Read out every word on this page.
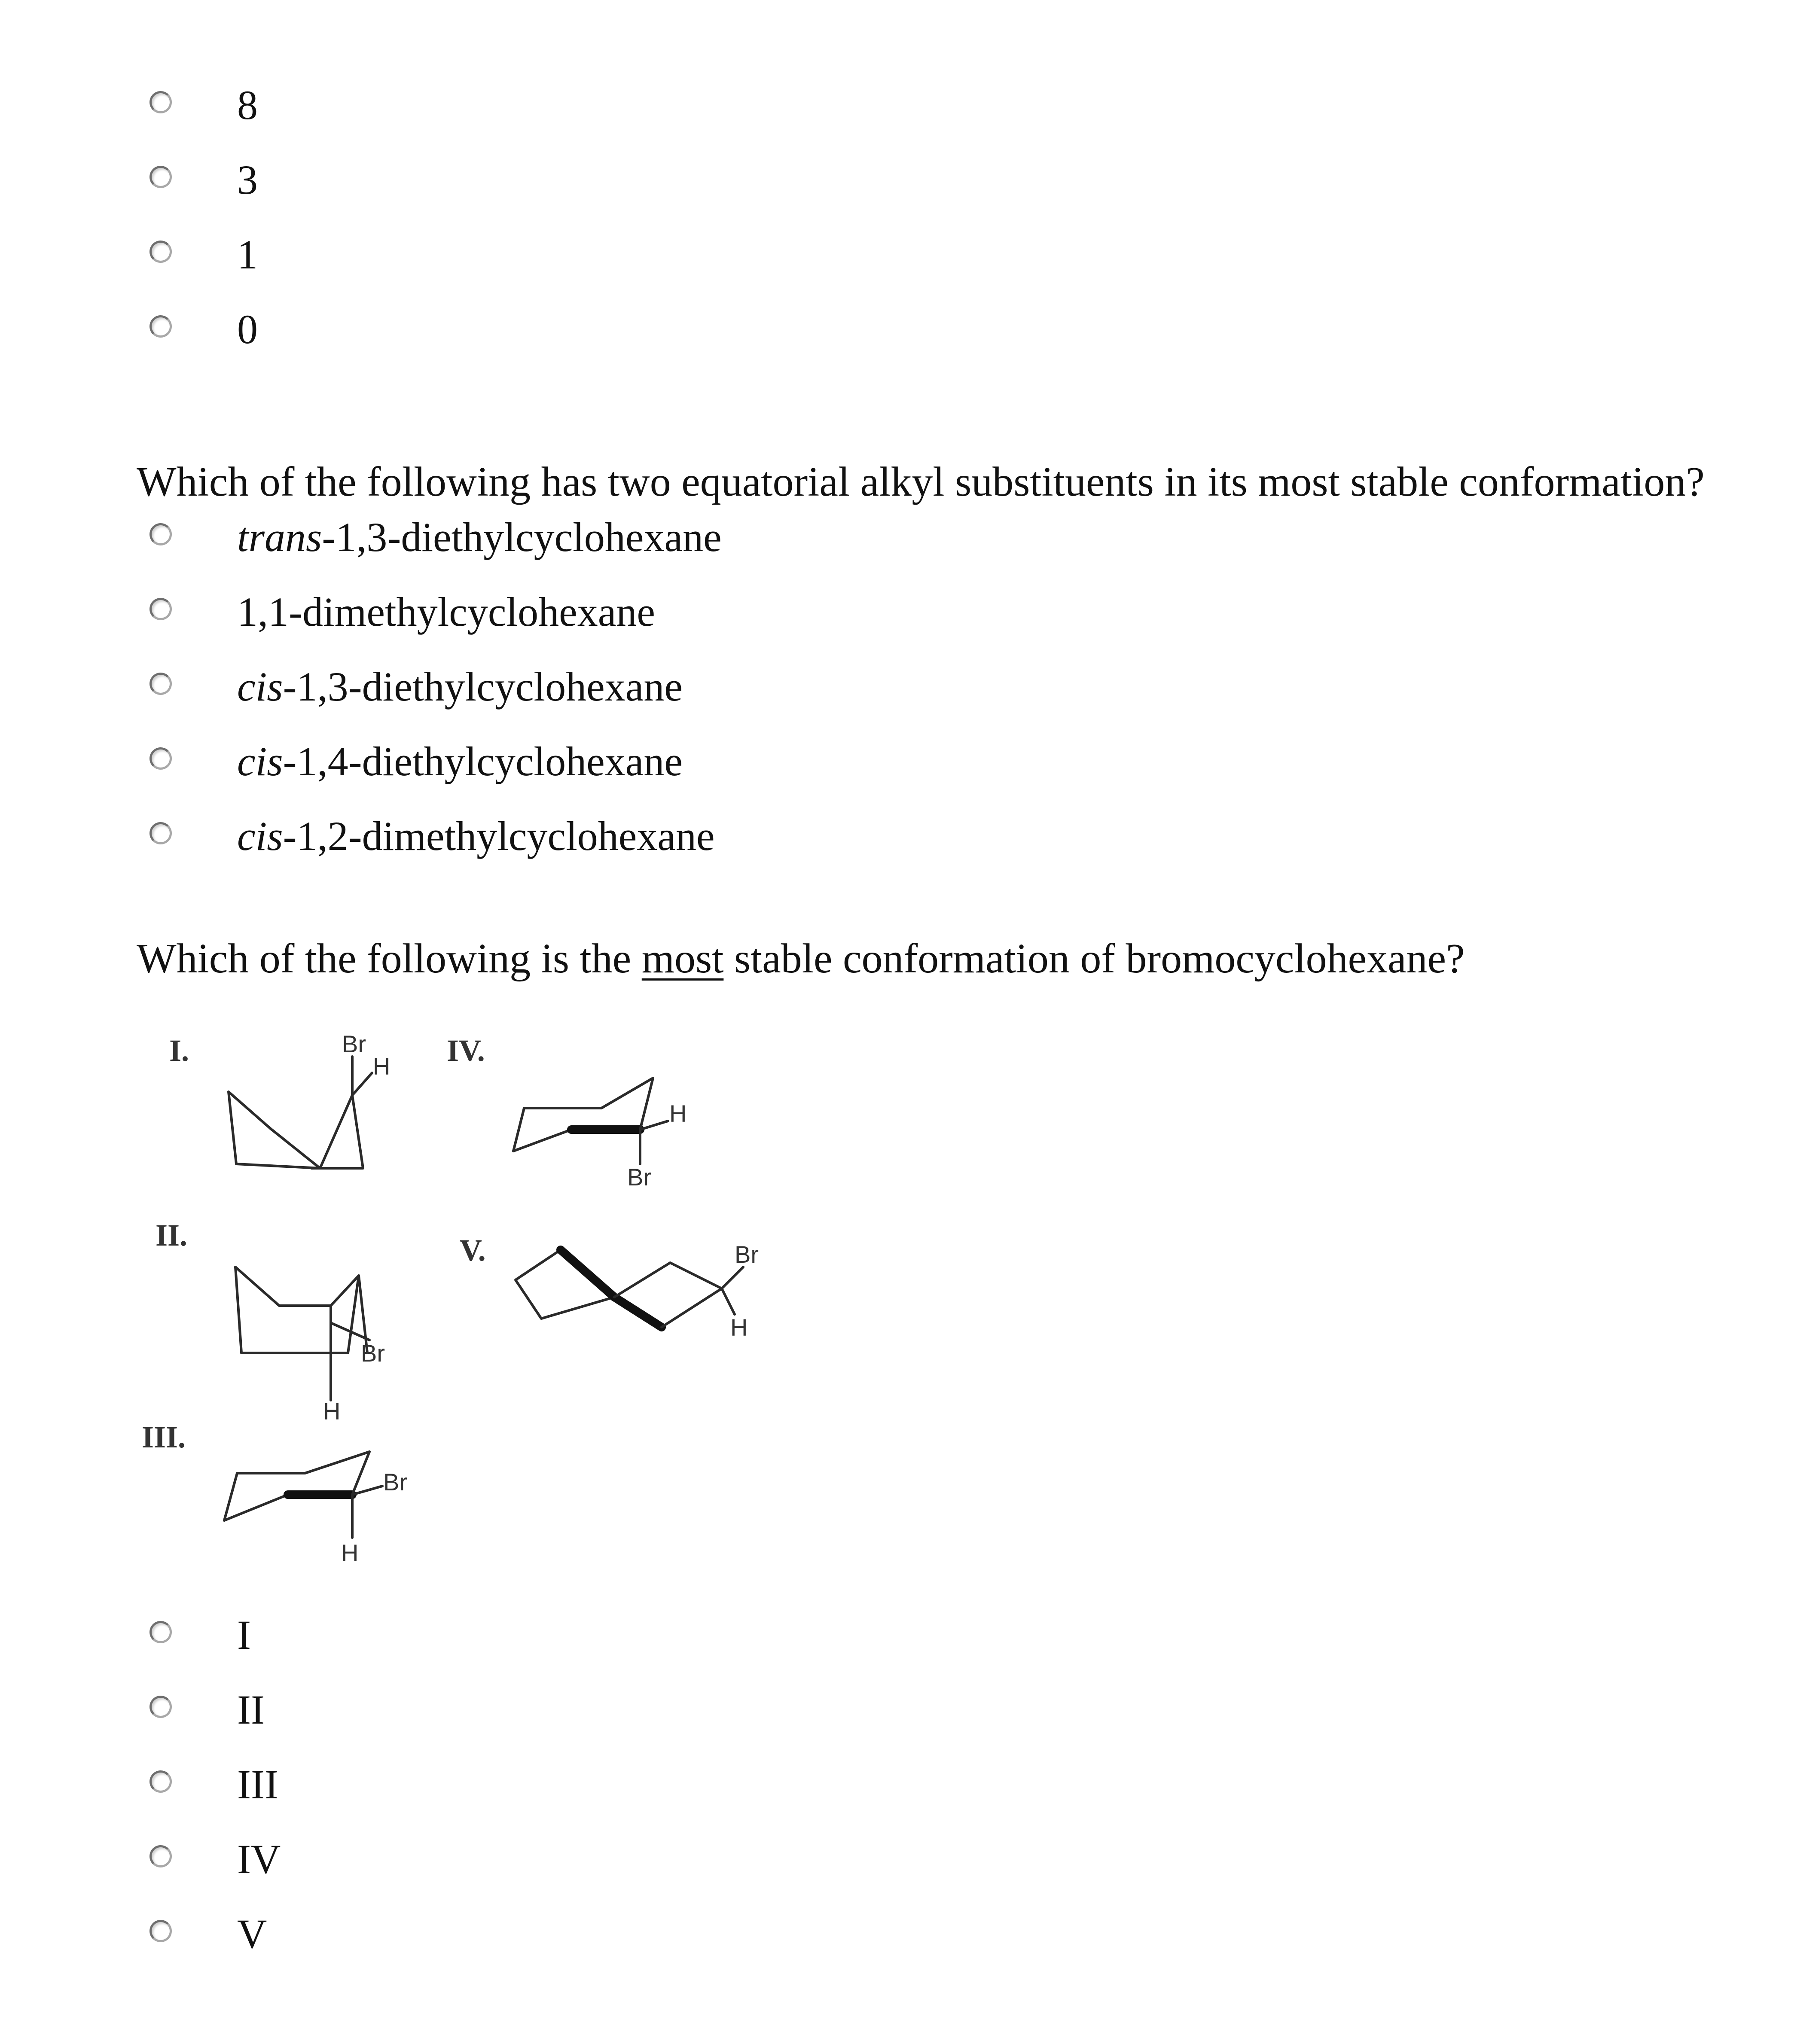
8
3
1
0
Which of the following has two equatorial alkyl substituents in its most stable conformation?
trans-1,3-diethylcyclohexane
1,1-dimethylcyclohexane
cis-1,3-diethylcyclohexane
cis-1,4-diethylcyclohexane
cis-1,2-dimethylcyclohexane
Which of the following is the most stable conformation of bromocyclohexane?
I.	Br
H
II.
Br
H
III.
Br
H
IV.
H
Br
V.	Br
H
I
II
III
IV
V
